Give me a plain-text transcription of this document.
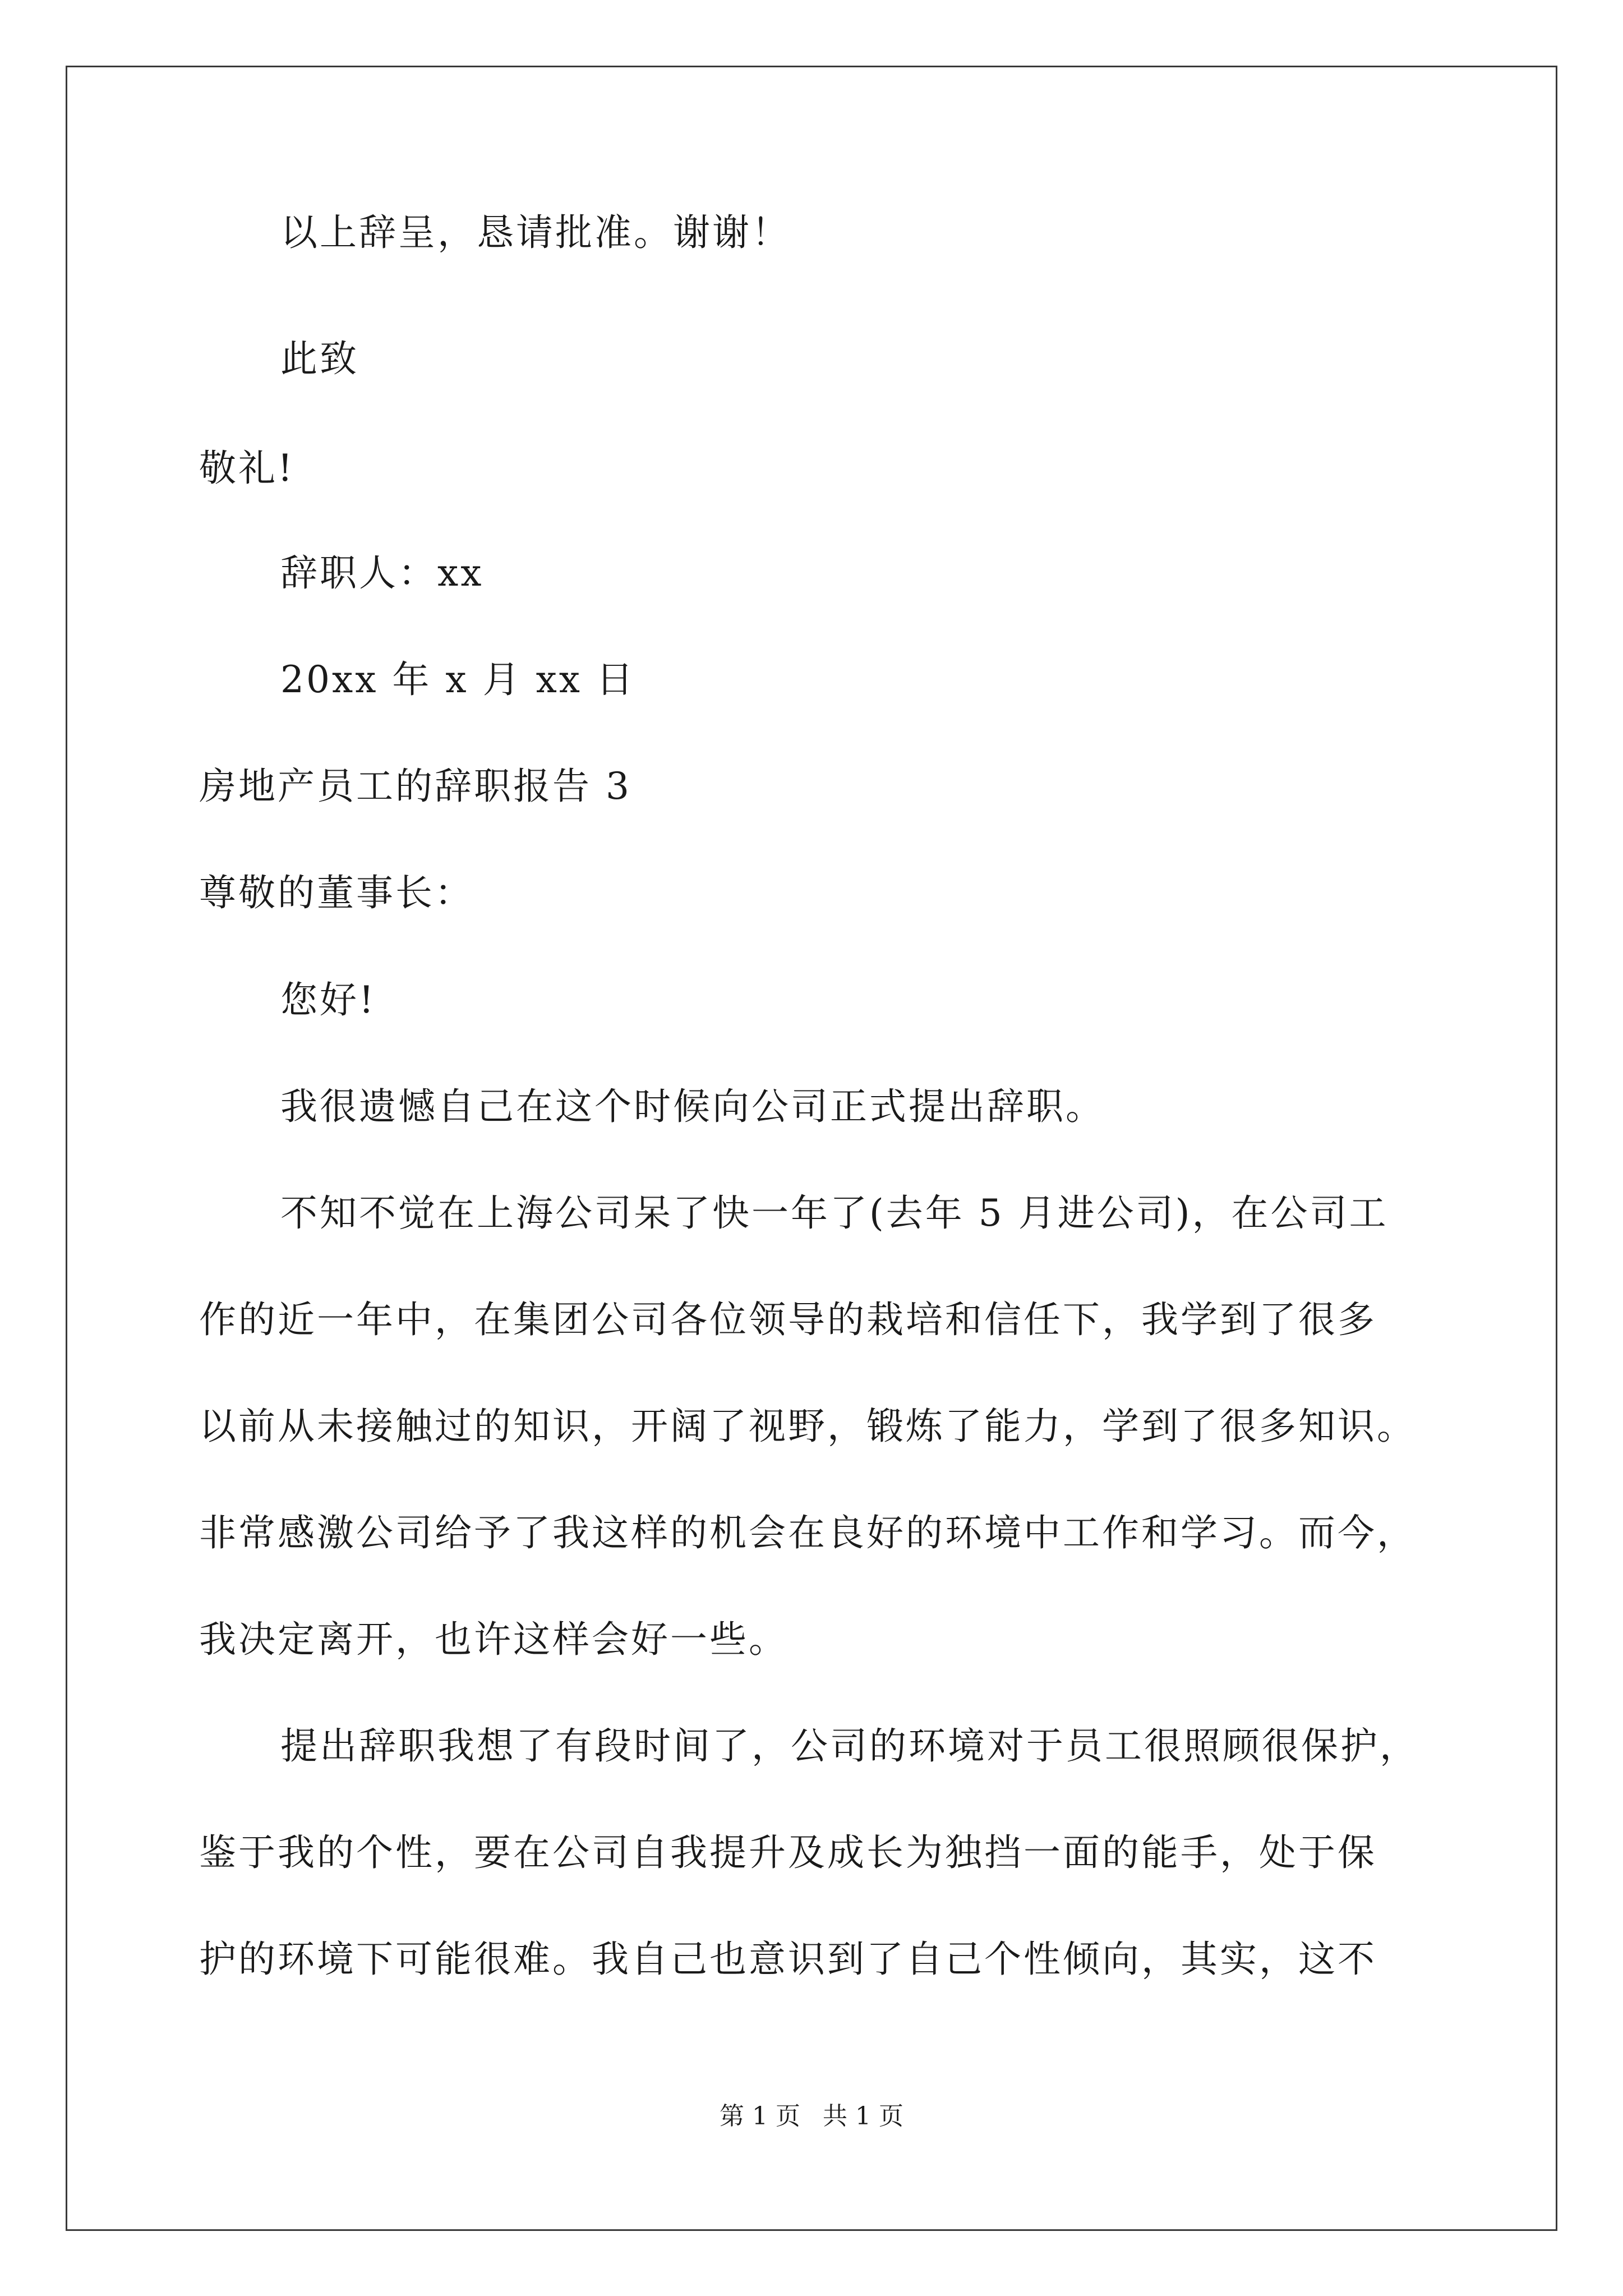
以上辞呈，恳请批准。谢谢！
此致
敬礼!
辞职人：xx
20xx 年 x 月 xx 日
房地产员工的辞职报告 3
尊敬的董事长：
您好!
我很遗憾自己在这个时候向公司正式提出辞职。
不知不觉在上海公司呆了快一年了(去年 5 月进公司)，在公司工
作的近一年中，在集团公司各位领导的栽培和信任下，我学到了很多
以前从未接触过的知识，开阔了视野，锻炼了能力，学到了很多知识。
非常感激公司给予了我这样的机会在良好的环境中工作和学习。而今，
我决定离开，也许这样会好一些。
提出辞职我想了有段时间了，公司的环境对于员工很照顾很保护，
鉴于我的个性，要在公司自我提升及成长为独挡一面的能手，处于保
护的环境下可能很难。我自己也意识到了自己个性倾向，其实，这不
第 1 页 共 1 页
